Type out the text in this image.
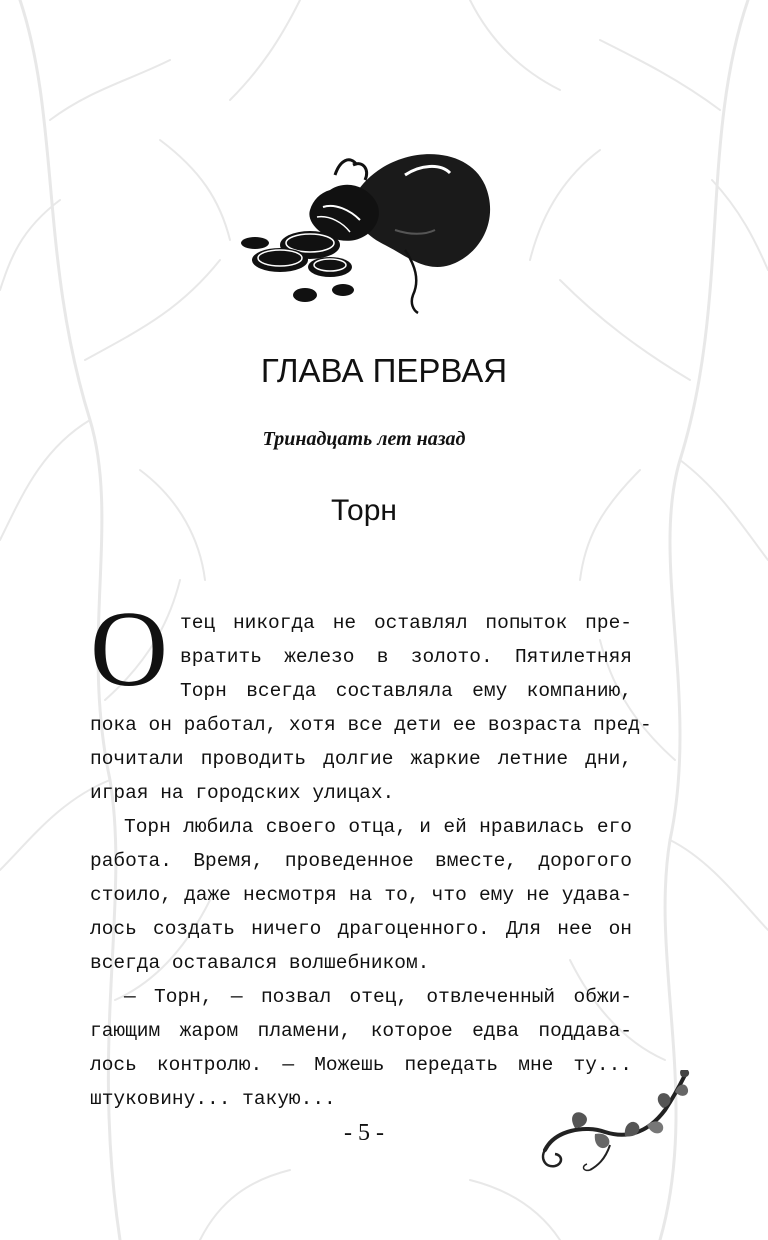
ГЛАВА ПЕРВАЯ
Тринадцать лет назад
Торн
О тец никогда не оставлял попыток пре-
вратить железо в золото. Пятилетняя
Торн всегда составляла ему компанию,
пока он работал, хотя все дети ее возраста пред-
почитали проводить долгие жаркие летние дни,
играя на городских улицах.
Торн любила своего отца, и ей нравилась его
работа. Время, проведенное вместе, дорогого
стоило, даже несмотря на то, что ему не удава-
лось создать ничего драгоценного. Для нее он
всегда оставался волшебником.
— Торн, — позвал отец, отвлеченный обжи-
гающим жаром пламени, которое едва поддава-
лось контролю. — Можешь передать мне ту...
штуковину... такую...
- 5 -
